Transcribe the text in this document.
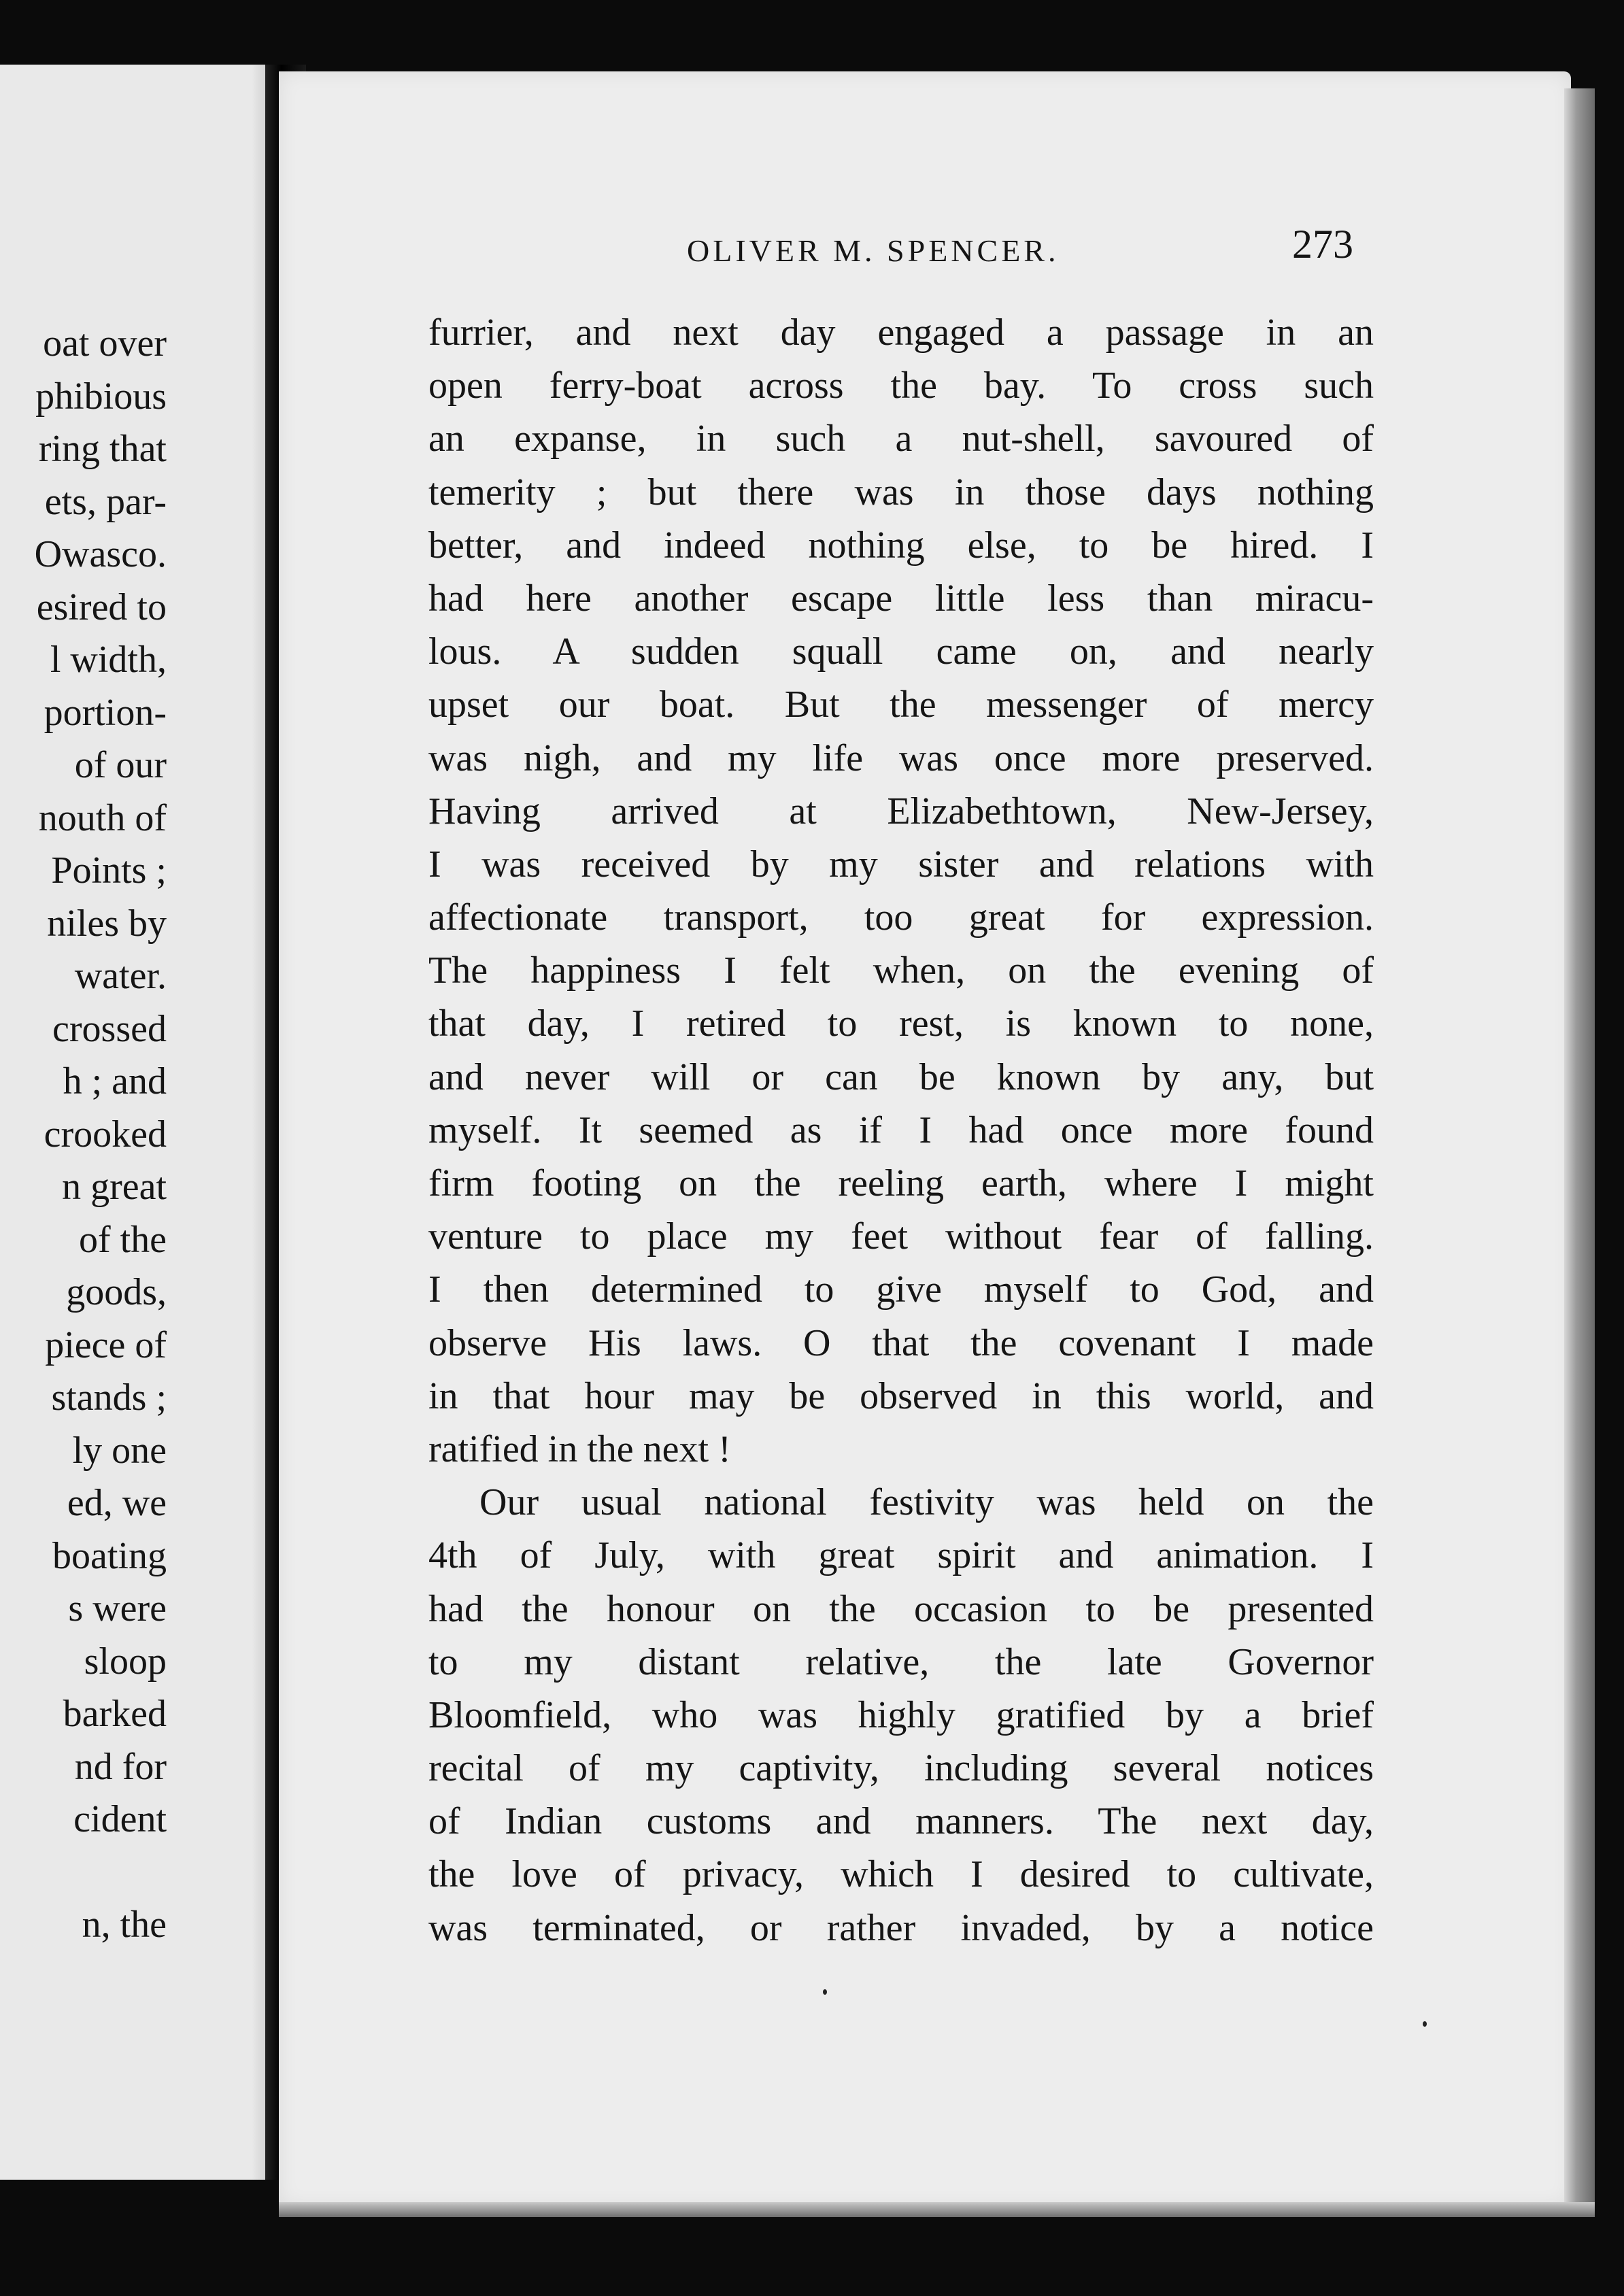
oat over
phibious
ring that
ets, par-
Owasco.
esired to
l width,
portion-
of our
nouth of
Points ;
niles by
water.
crossed
h ; and
crooked
n great
of the
goods,
piece of
stands ;
ly one
ed, we
boating
s were
sloop
barked
nd for
cident
n, the
OLIVER M. SPENCER.	273
furrier, and next day engaged a passage in an
open ferry-boat across the bay. To cross such
an expanse, in such a nut-shell, savoured of
temerity ; but there was in those days nothing
better, and indeed nothing else, to be hired. I
had here another escape little less than miracu-
lous. A sudden squall came on, and nearly
upset our boat. But the messenger of mercy
was nigh, and my life was once more preserved.
Having arrived at Elizabethtown, New-Jersey,
I was received by my sister and relations with
affectionate transport, too great for expression.
The happiness I felt when, on the evening of
that day, I retired to rest, is known to none,
and never will or can be known by any, but
myself. It seemed as if I had once more found
firm footing on the reeling earth, where I might
venture to place my feet without fear of falling.
I then determined to give myself to God, and
observe His laws. O that the covenant I made
in that hour may be observed in this world, and
ratified in the next !
Our usual national festivity was held on the
4th of July, with great spirit and animation. I
had the honour on the occasion to be presented
to my distant relative, the late Governor
Bloomfield, who was highly gratified by a brief
recital of my captivity, including several notices
of Indian customs and manners. The next day,
the love of privacy, which I desired to cultivate,
was terminated, or rather invaded, by a notice
